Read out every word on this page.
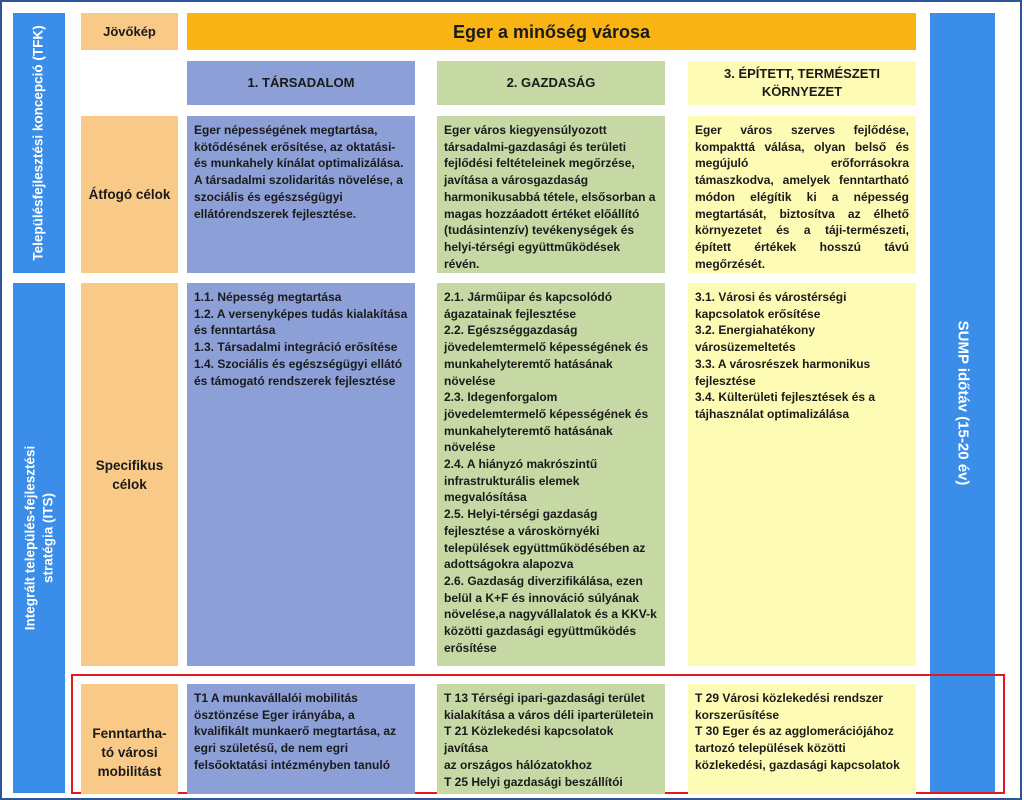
Településfejlesztési koncepció (TFK)
Integrált település-fejlesztési stratégia (ITS)
SUMP időtáv (15-20 év)
Jövőkép	Eger a minőség városa
1. TÁRSADALOM	2. GAZDASÁG
3. ÉPÍTETT, TERMÉSZETI
KÖRNYEZET
Átfogó célok
Eger népességének megtartása,
kötődésének erősítése, az oktatási-
és munkahely kínálat optimalizálása.
A társadalmi szolidaritás növelése, a
szociális és egészségügyi
ellátórendszerek fejlesztése.
Eger város kiegyensúlyozott
társadalmi-gazdasági és területi
fejlődési feltételeinek megőrzése,
javítása a városgazdaság
harmonikusabbá tétele, elsősorban a
magas hozzáadott értéket előállító
(tudásintenzív) tevékenységek és
helyi-térségi együttműködések
révén.
Eger város szerves fejlődése,
kompakttá válása, olyan belső és
megújuló erőforrásokra
támaszkodva, amelyek fenntartható
módon elégítik ki a népesség
megtartását, biztosítva az élhető
környezetet és a táji-természeti,
épített értékek hosszú távú
megőrzését.
Specifikus
célok
1.1. Népesség megtartása
1.2. A versenyképes tudás kialakítása
és fenntartása
1.3. Társadalmi integráció erősítése
1.4. Szociális és egészségügyi ellátó
és támogató rendszerek fejlesztése
2.1. Járműipar és kapcsolódó
ágazatainak fejlesztése
2.2. Egészséggazdaság
jövedelemtermelő képességének és
munkahelyteremtő hatásának
növelése
2.3. Idegenforgalom
jövedelemtermelő képességének és
munkahelyteremtő hatásának
növelése
2.4. A hiányzó makrószintű
infrastrukturális elemek
megvalósítása
2.5. Helyi-térségi gazdaság
fejlesztése a városkörnyéki
települések együttműködésében az
adottságokra alapozva
2.6. Gazdaság diverzifikálása, ezen
belül a K+F és innováció súlyának
növelése,a nagyvállalatok és a KKV-k
közötti gazdasági együttműködés
erősítése
3.1. Városi és várostérségi
kapcsolatok erősítése
3.2. Energiahatékony
városüzemeltetés
3.3. A városrészek harmonikus
fejlesztése
3.4. Külterületi fejlesztések és a
tájhasználat optimalizálása
Fenntartha-
tó városi
mobilitást
T1 A munkavállalói mobilitás
ösztönzése Eger irányába, a
kvalifikált munkaerő megtartása, az
egri születésű, de nem egri
felsőoktatási intézményben tanuló
T 13 Térségi ipari-gazdasági terület
kialakítása a város déli iparterületein
T 21 Közlekedési kapcsolatok javítása
az országos hálózatokhoz
T 25 Helyi gazdasági beszállítói
T 29 Városi közlekedési rendszer
korszerűsítése
T 30 Eger és az agglomerációjához
tartozó települések közötti
közlekedési, gazdasági kapcsolatok
